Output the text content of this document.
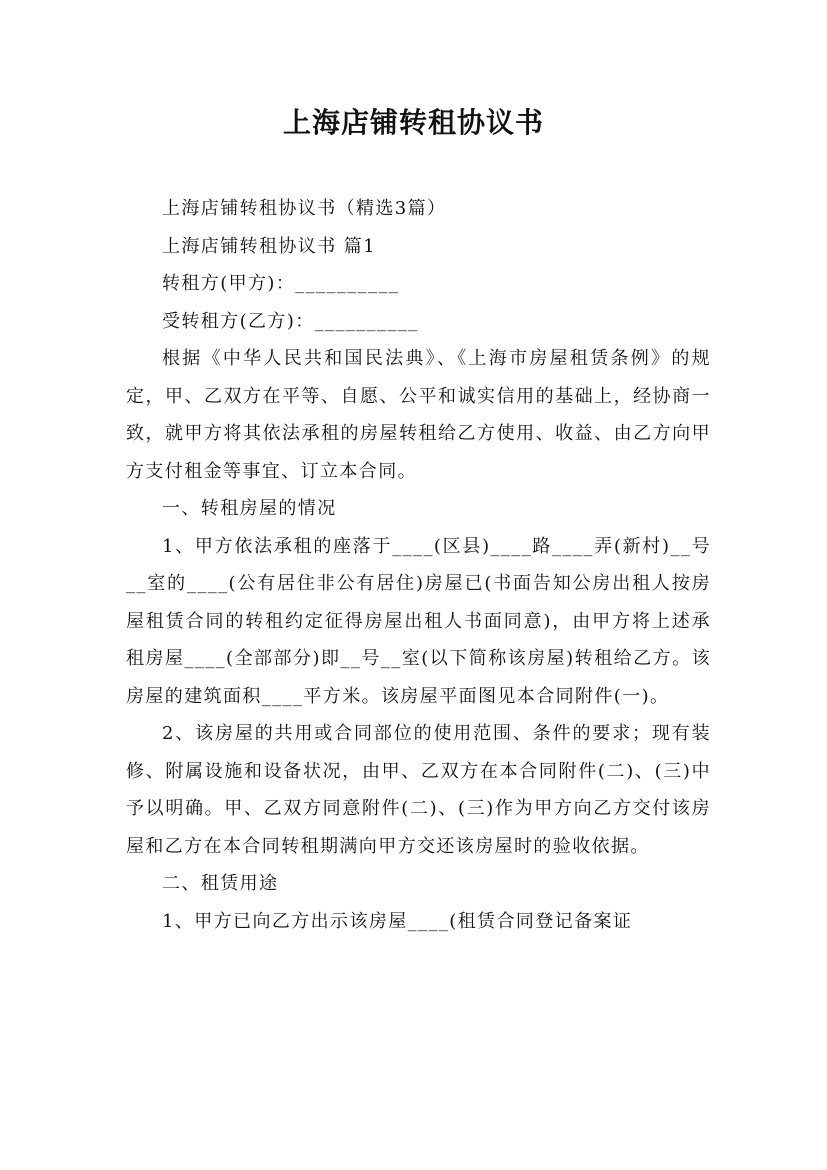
上海店铺转租协议书

上海店铺转租协议书（精选3篇）

上海店铺转租协议书 篇1

转租方(甲方)：__________

受转租方(乙方)：__________

根据《中华人民共和国民法典》、《上海市房屋租赁条例》的规定，甲、乙双方在平等、自愿、公平和诚实信用的基础上，经协商一致，就甲方将其依法承租的房屋转租给乙方使用、收益、由乙方向甲方支付租金等事宜、订立本合同。

一、转租房屋的情况

1、甲方依法承租的座落于____(区县)____路____弄(新村)__号__室的____(公有居住非公有居住)房屋已(书面告知公房出租人按房屋租赁合同的转租约定征得房屋出租人书面同意)，由甲方将上述承租房屋____(全部部分)即__号__室(以下简称该房屋)转租给乙方。该房屋的建筑面积____平方米。该房屋平面图见本合同附件(一)。

2、该房屋的共用或合同部位的使用范围、条件的要求；现有装修、附属设施和设备状况，由甲、乙双方在本合同附件(二)、(三)中予以明确。甲、乙双方同意附件(二)、(三)作为甲方向乙方交付该房屋和乙方在本合同转租期满向甲方交还该房屋时的验收依据。

二、租赁用途

1、甲方已向乙方出示该房屋____(租赁合同登记备案证
